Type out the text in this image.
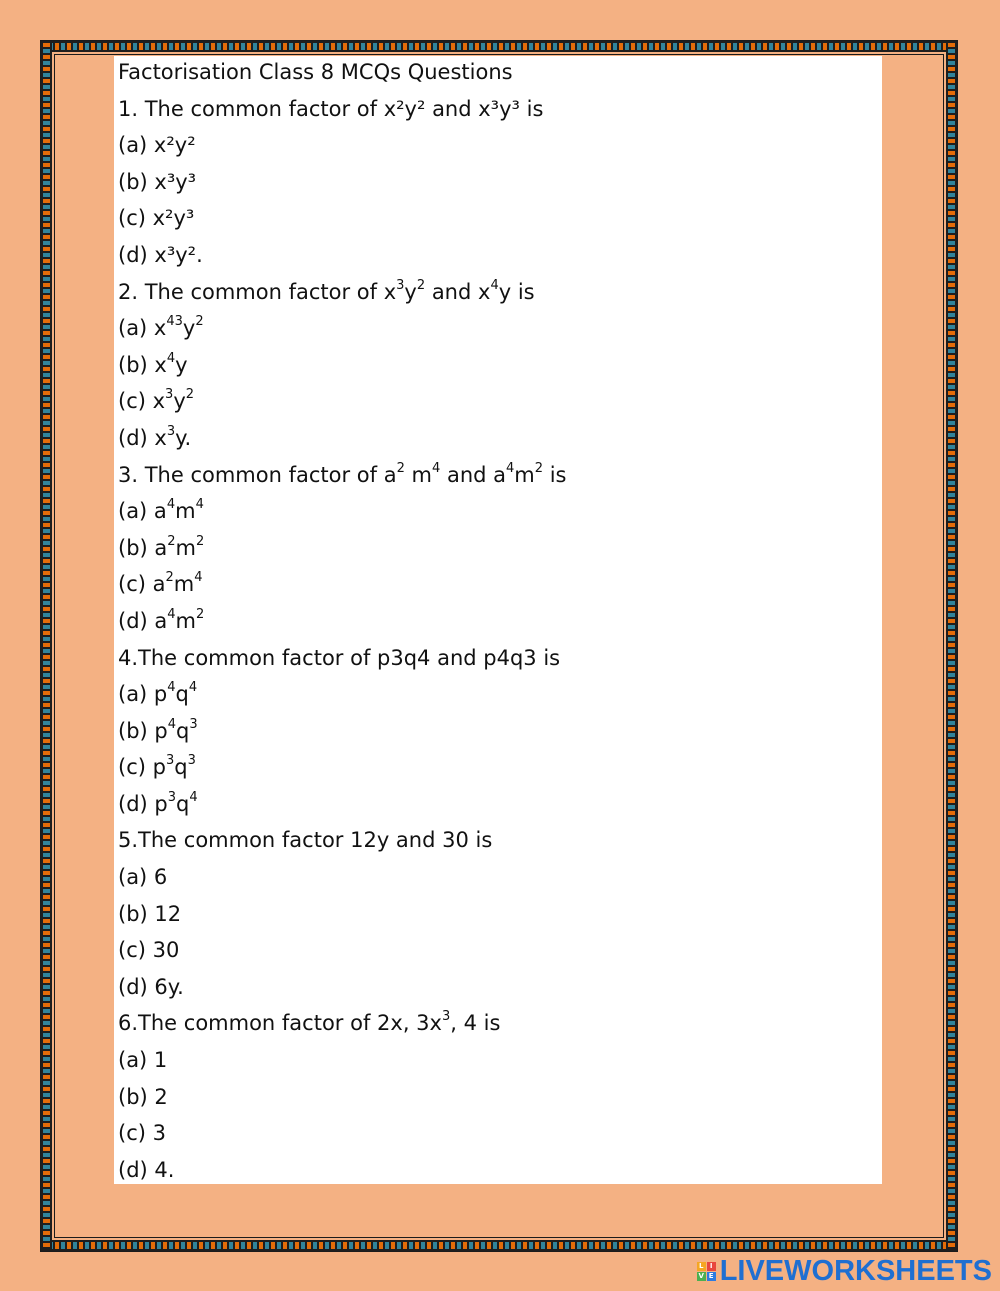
Factorisation Class 8 MCQs Questions
1. The common factor of x²y² and x³y³ is
(a) x²y²
(b) x³y³
(c) x²y³
(d) x³y².
2. The common factor of $x^3y^2$ and $x^4y$ is
(a) $x^{43}y^2$
(b) $x^4y$
(c) $x^3y^2$
(d) $x^3y$.
3. The common factor of $a^2$ $m^4$ and $a^4m^2$ is
(a) $a^4m^4$
(b) $a^2m^2$
(c) $a^2m^4$
(d) $a^4m^2$
4.The common factor of p3q4 and p4q3 is
(a) $p^4q^4$
(b) $p^4q^3$
(c) $p^3q^3$
(d) $p^3q^4$
5.The common factor 12y and 30 is
(a) 6
(b) 12
(c) 30
(d) 6y.
6.The common factor of 2x, $3x^3$, 4 is
(a) 1
(b) 2
(c) 3
(d) 4.
L I
V E LIVEWORKSHEETS
